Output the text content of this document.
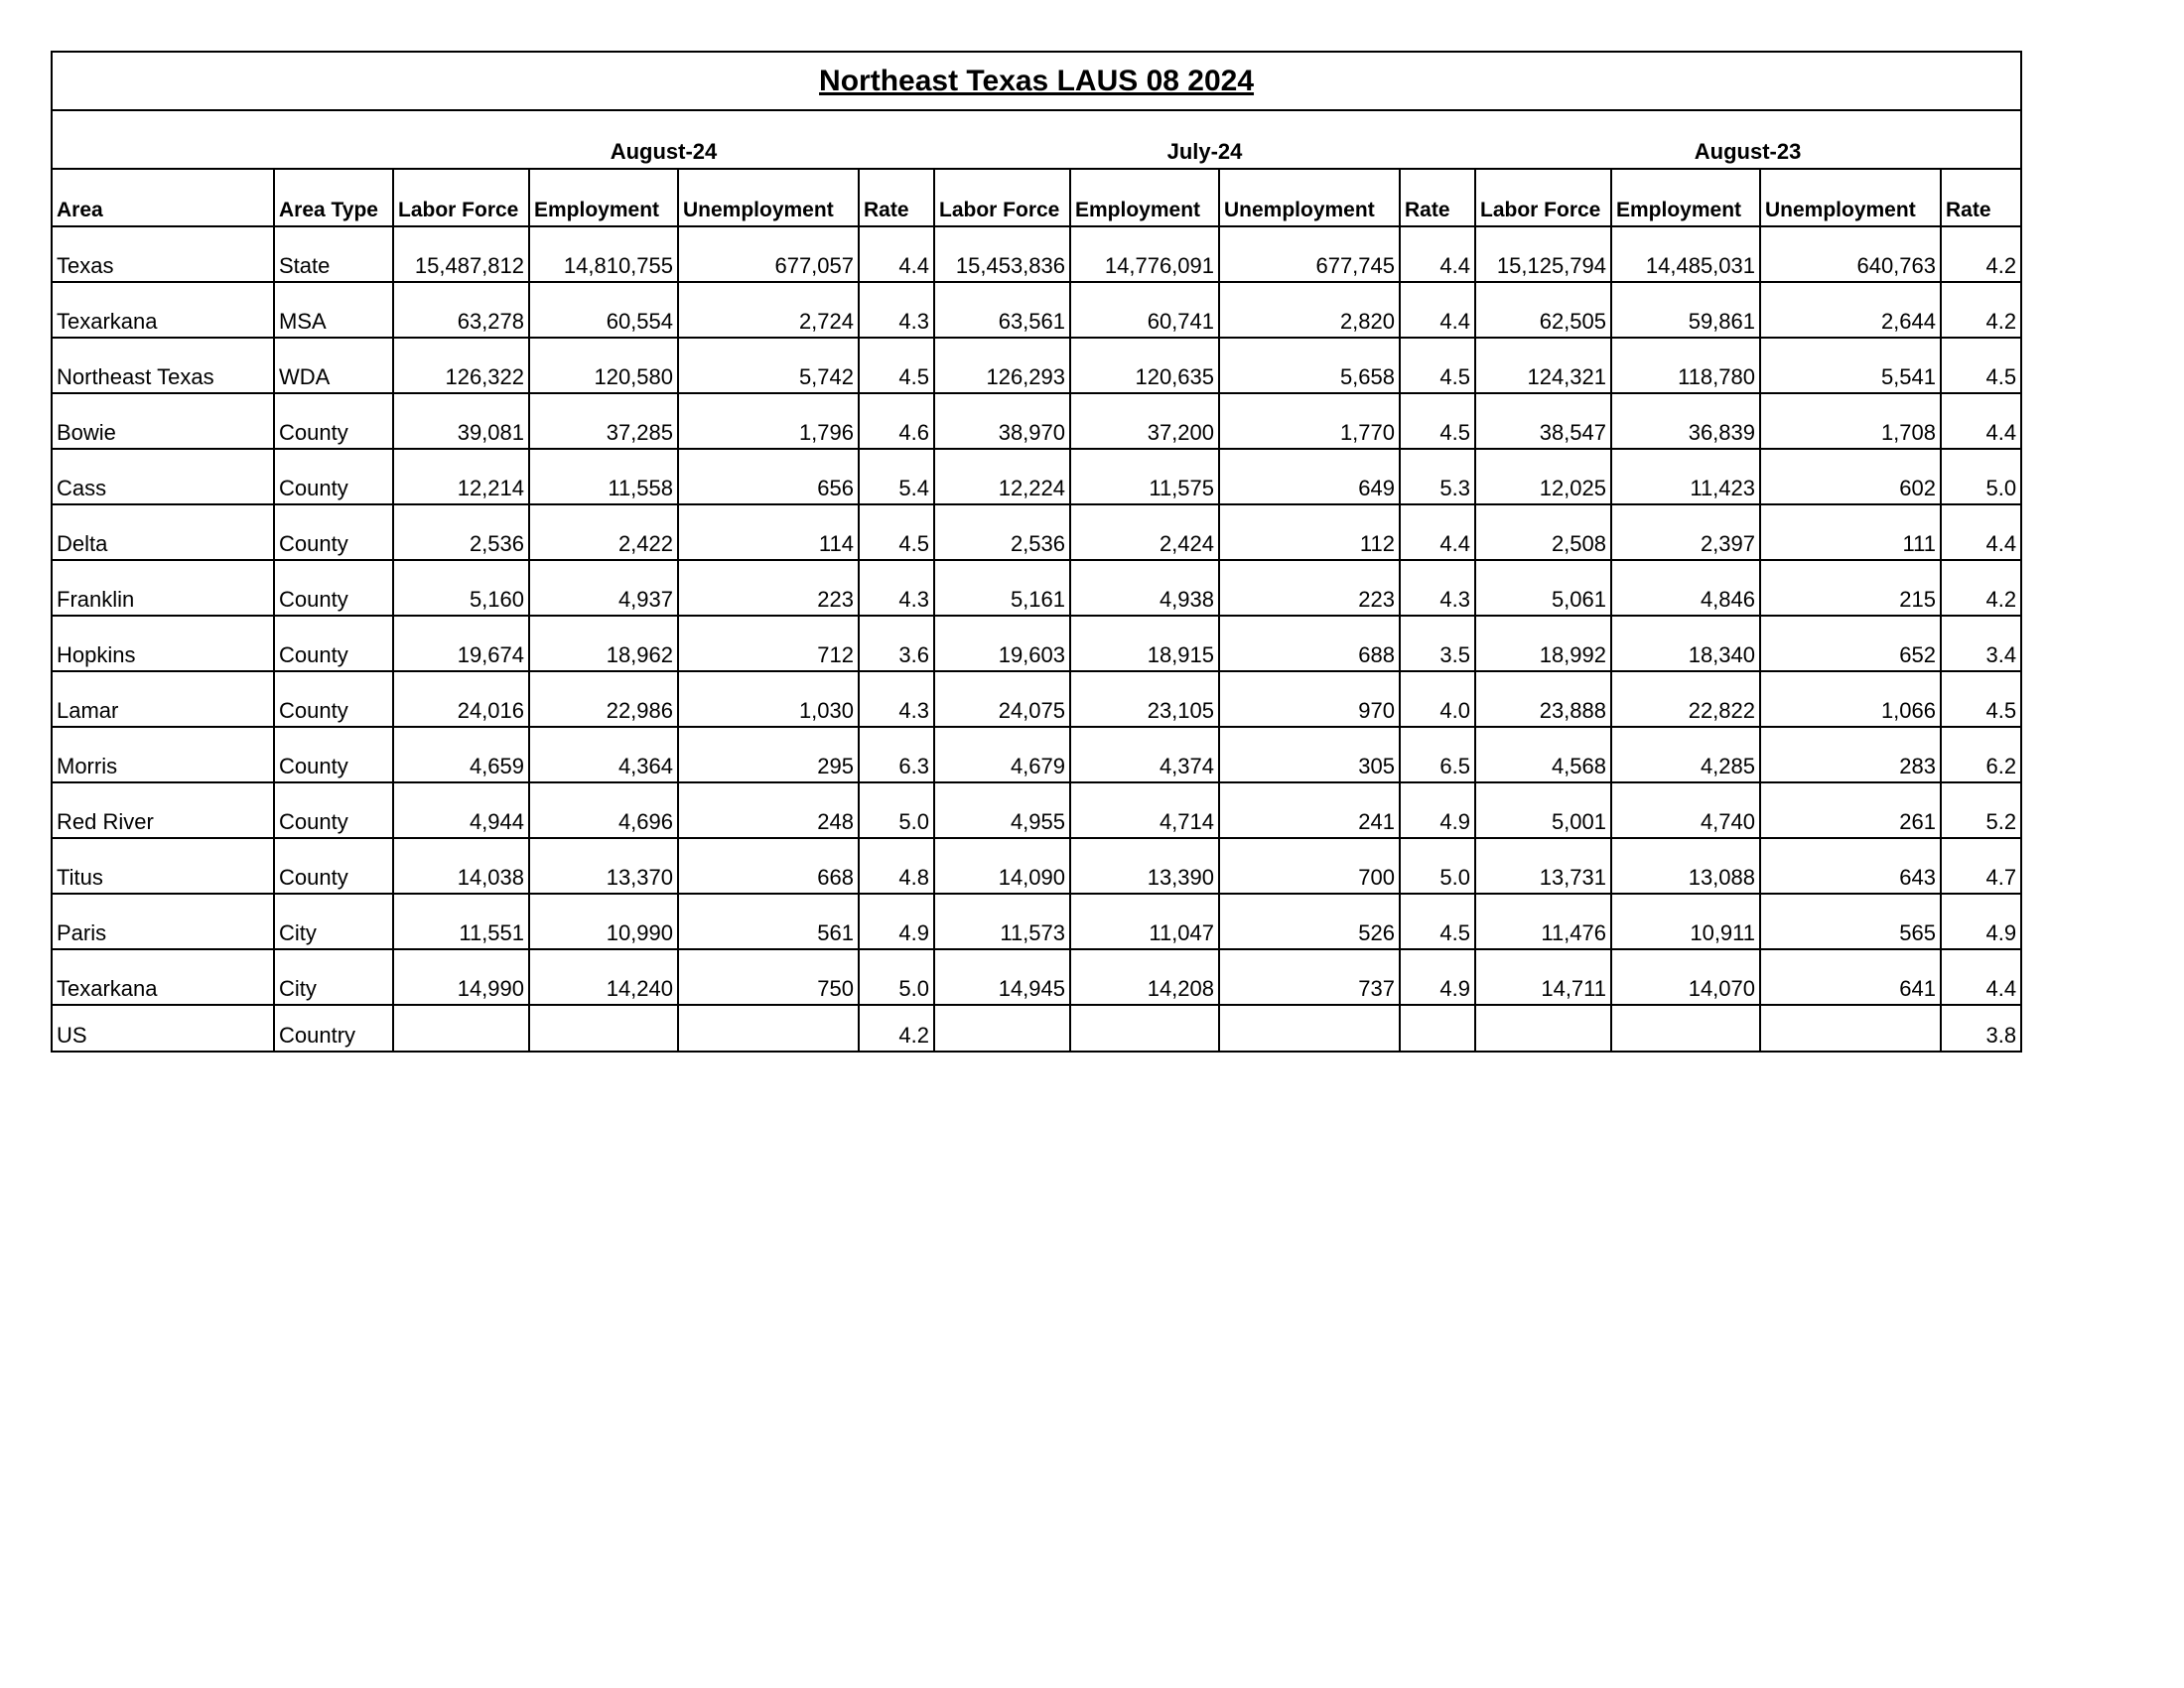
Northeast Texas LAUS 08 2024													
		August-24				July-24				August-23			
Area	Area Type	Labor Force	Employment	Unemployment	Rate	Labor Force	Employment	Unemployment	Rate	Labor Force	Employment	Unemployment	Rate
Texas	State	15,487,812	14,810,755	677,057	4.4	15,453,836	14,776,091	677,745	4.4	15,125,794	14,485,031	640,763	4.2
Texarkana	MSA	63,278	60,554	2,724	4.3	63,561	60,741	2,820	4.4	62,505	59,861	2,644	4.2
Northeast Texas	WDA	126,322	120,580	5,742	4.5	126,293	120,635	5,658	4.5	124,321	118,780	5,541	4.5
Bowie	County	39,081	37,285	1,796	4.6	38,970	37,200	1,770	4.5	38,547	36,839	1,708	4.4
Cass	County	12,214	11,558	656	5.4	12,224	11,575	649	5.3	12,025	11,423	602	5.0
Delta	County	2,536	2,422	114	4.5	2,536	2,424	112	4.4	2,508	2,397	111	4.4
Franklin	County	5,160	4,937	223	4.3	5,161	4,938	223	4.3	5,061	4,846	215	4.2
Hopkins	County	19,674	18,962	712	3.6	19,603	18,915	688	3.5	18,992	18,340	652	3.4
Lamar	County	24,016	22,986	1,030	4.3	24,075	23,105	970	4.0	23,888	22,822	1,066	4.5
Morris	County	4,659	4,364	295	6.3	4,679	4,374	305	6.5	4,568	4,285	283	6.2
Red River	County	4,944	4,696	248	5.0	4,955	4,714	241	4.9	5,001	4,740	261	5.2
Titus	County	14,038	13,370	668	4.8	14,090	13,390	700	5.0	13,731	13,088	643	4.7
Paris	City	11,551	10,990	561	4.9	11,573	11,047	526	4.5	11,476	10,911	565	4.9
Texarkana	City	14,990	14,240	750	5.0	14,945	14,208	737	4.9	14,711	14,070	641	4.4
US	Country				4.2								3.8
